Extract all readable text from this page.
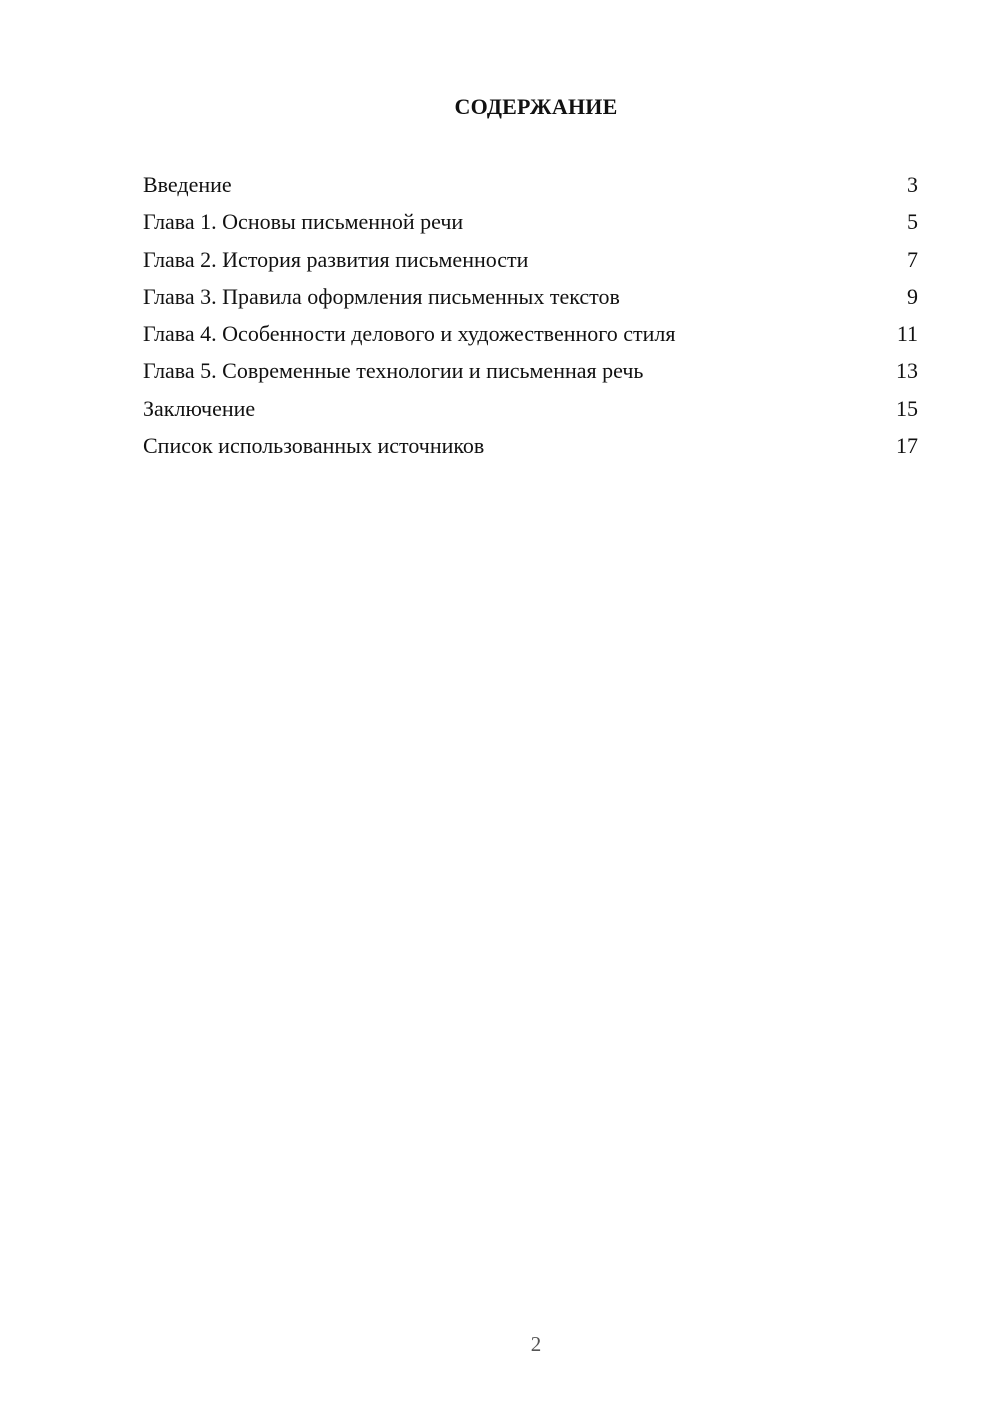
СОДЕРЖАНИЕ
Введение	3
Глава 1. Основы письменной речи	5
Глава 2. История развития письменности	7
Глава 3. Правила оформления письменных текстов	9
Глава 4. Особенности делового и художественного стиля	11
Глава 5. Современные технологии и письменная речь	13
Заключение	15
Список использованных источников	17
2
